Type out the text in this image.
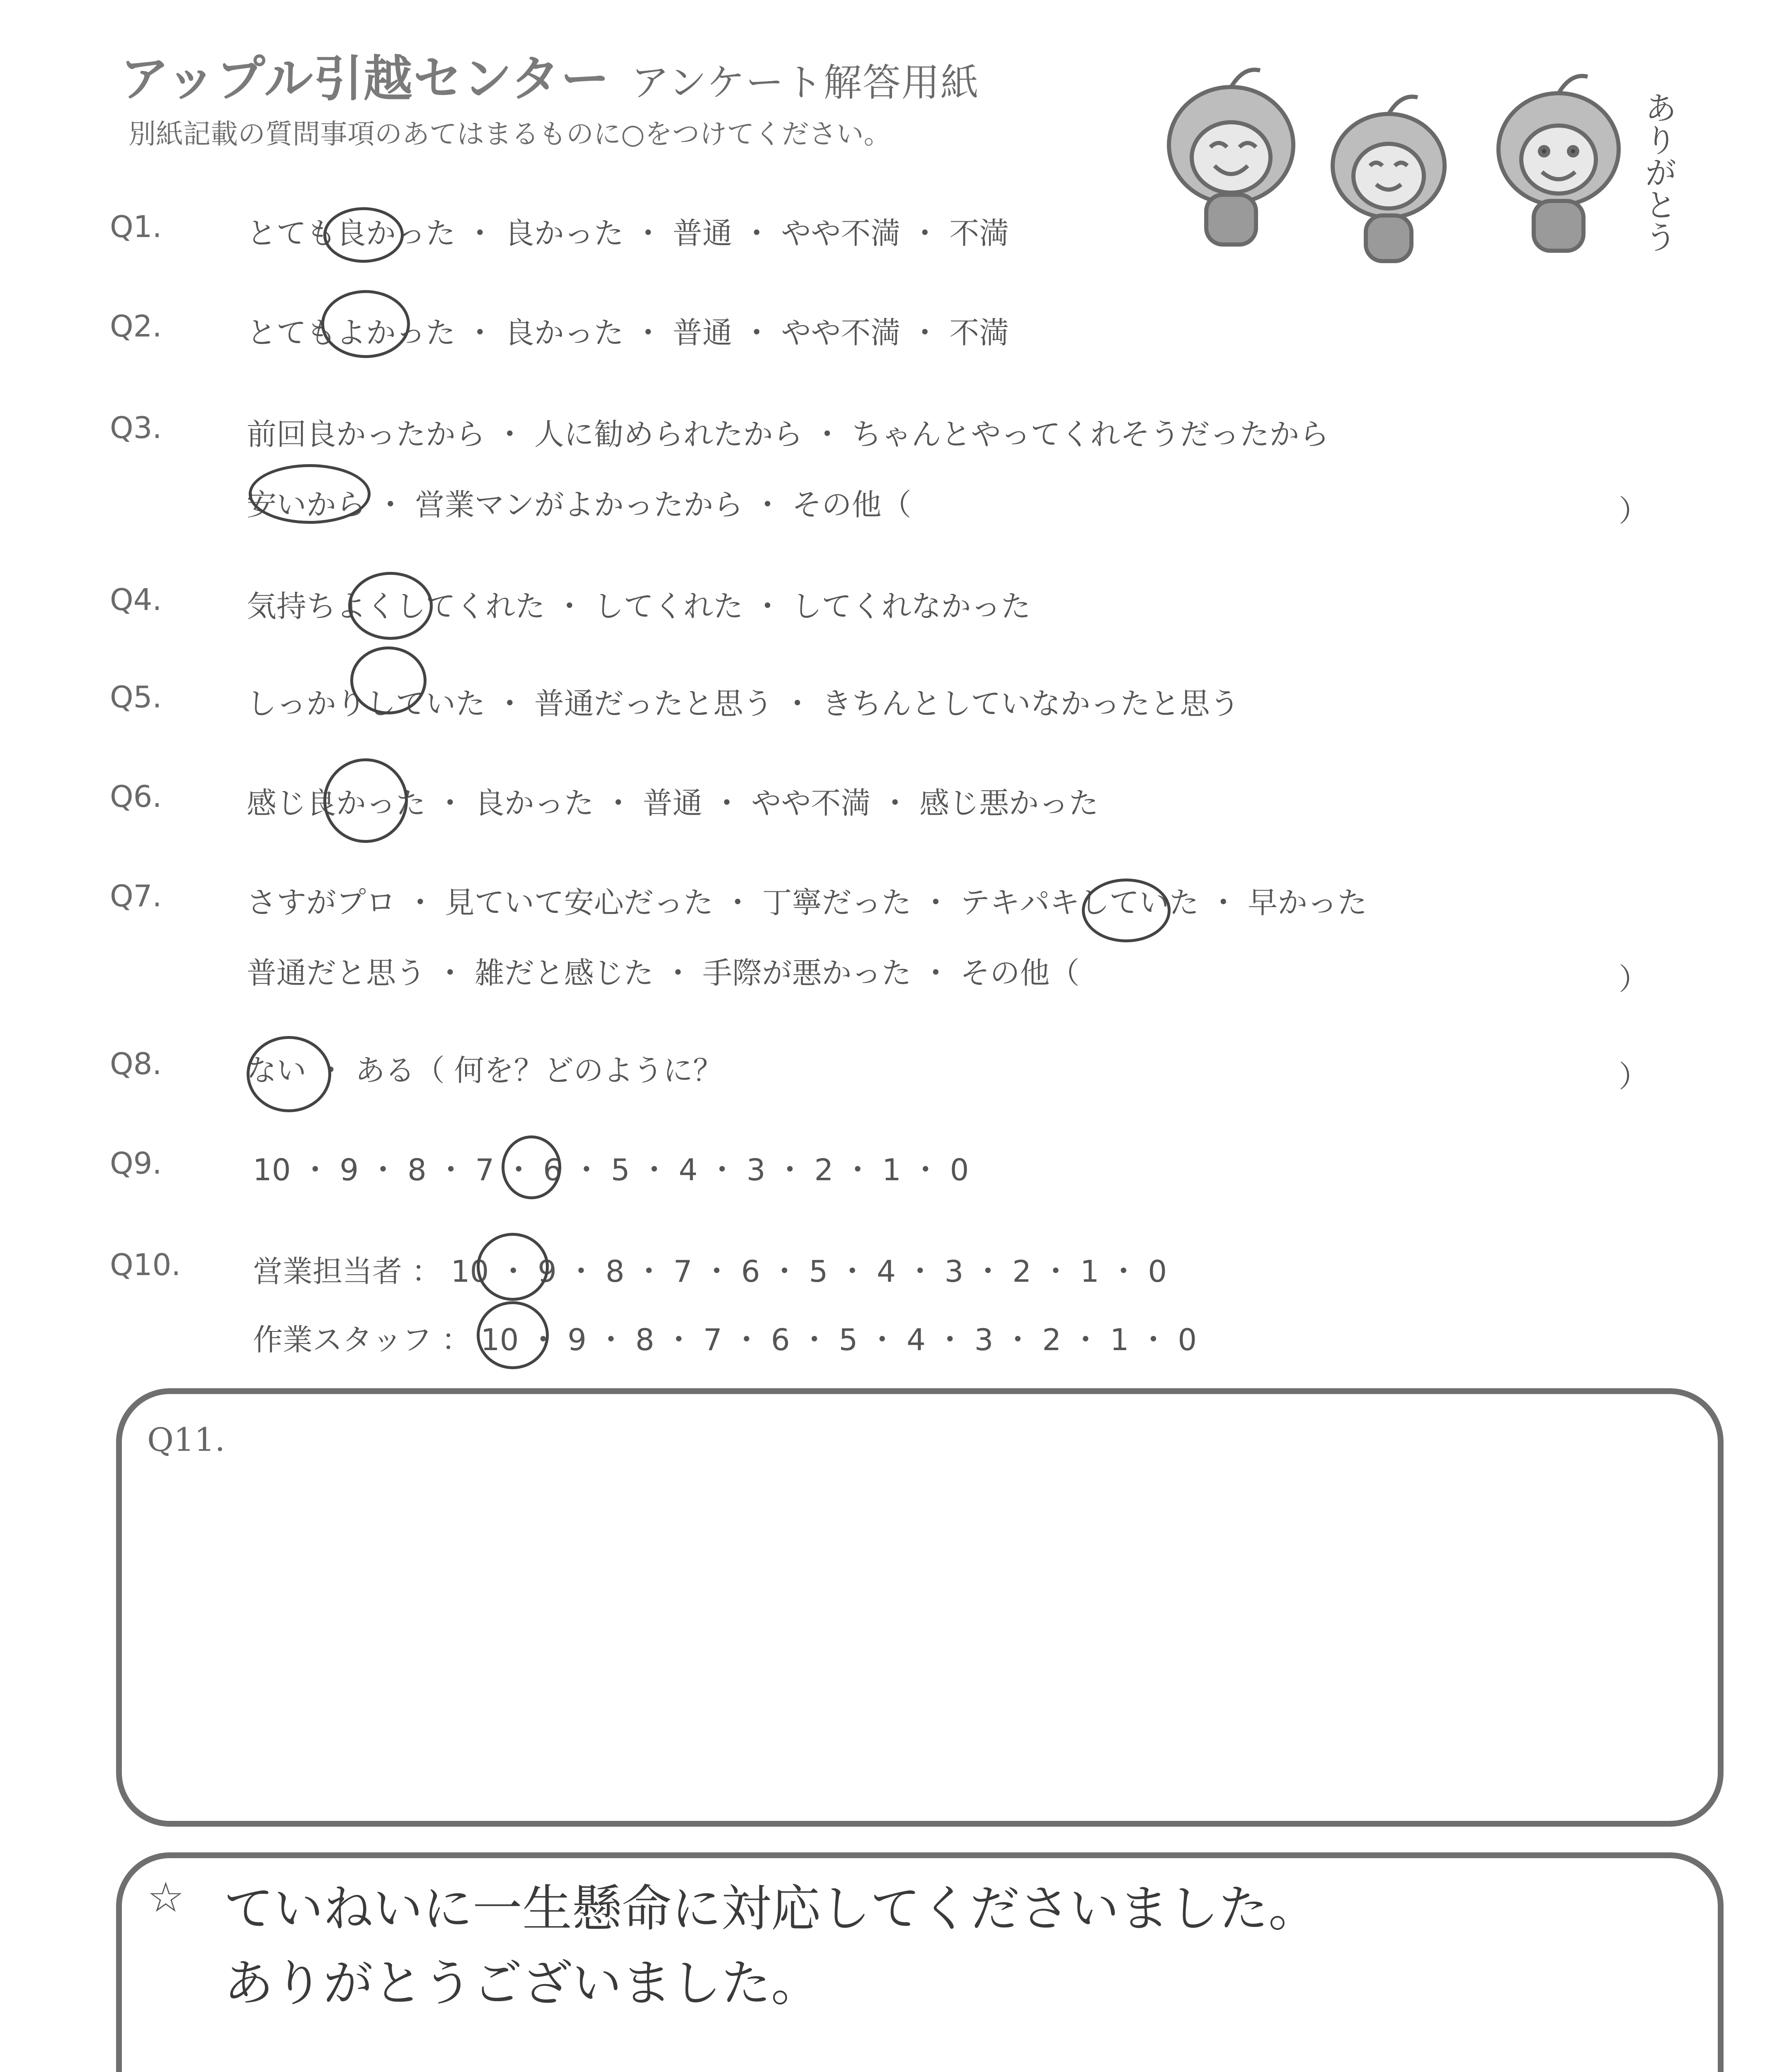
アップル引越センター アンケート解答用紙
別紙記載の質問事項のあてはまるものに○をつけてください。	ありがとう
Q1.	とても良かった ・ 良かった ・ 普通 ・ やや不満 ・ 不満
Q2.	とてもよかった ・ 良かった ・ 普通 ・ やや不満 ・ 不満
Q3.	前回良かったから ・ 人に勧められたから ・ ちゃんとやってくれそうだったから
安いから ・ 営業マンがよかったから ・ その他（	）
Q4.	気持ちよくしてくれた ・ してくれた ・ してくれなかった
Q5.	しっかりしていた ・ 普通だったと思う ・ きちんとしていなかったと思う
Q6.	感じ良かった ・ 良かった ・ 普通 ・ やや不満 ・ 感じ悪かった
Q7.	さすがプロ ・ 見ていて安心だった ・ 丁寧だった ・ テキパキしていた ・ 早かった
普通だと思う ・ 雑だと感じた ・ 手際が悪かった ・ その他（	）
Q8.	ない ・ ある（ 何を？どのように？	）
Q9.	10 ・ 9 ・ 8 ・ 7 ・ 6 ・ 5 ・ 4 ・ 3 ・ 2 ・ 1 ・ 0
Q10. 営業担当者 ： 10 ・ 9 ・ 8 ・ 7 ・ 6 ・ 5 ・ 4 ・ 3 ・ 2 ・ 1 ・ 0
作業スタッフ ： 10 ・ 9 ・ 8 ・ 7 ・ 6 ・ 5 ・ 4 ・ 3 ・ 2 ・ 1 ・ 0
Q11.
☆ ていねいに一生懸命に対応してくださいました。
ありがとうございました。
